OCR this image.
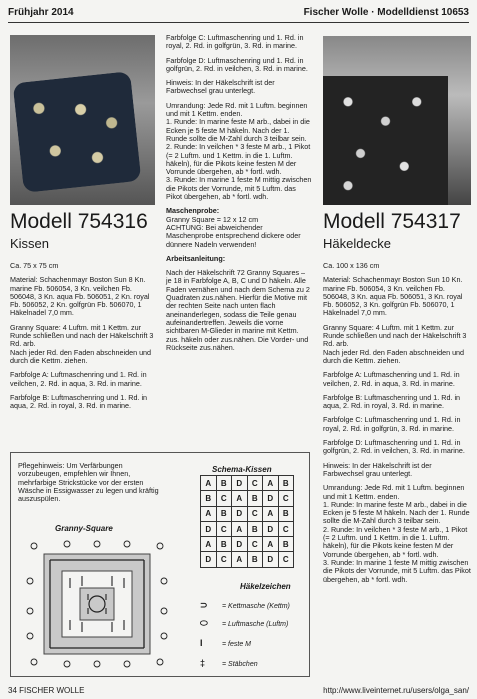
Frühjahr 2014	Fischer Wolle · Modelldienst 10653
Modell 754316
Kissen
Modell 754317
Häkeldecke

Ca. 75 x 75 cm

Material: Schachenmayr Boston Sun 8 Kn. marine Fb. 506054, 3 Kn. veilchen Fb. 506048, 3 Kn. aqua Fb. 506051, 2 Kn. royal Fb. 506052, 2 Kn. golfgrün Fb. 506070, 1 Häkelnadel 7,0 mm.

Granny Square: 4 Luftm. mit 1 Kettm. zur Runde schließen und nach der Häkelschrift 3 Rd. arb.

Nach jeder Rd. den Faden abschneiden und durch die Kettm. ziehen.

Farbfolge A: Luftmaschenring und 1. Rd. in veilchen, 2. Rd. in aqua, 3. Rd. in marine.

Farbfolge B: Luftmaschenring und 1. Rd. in aqua, 2. Rd. in royal, 3. Rd. in marine.

Farbfolge C: Luftmaschenring und 1. Rd. in royal, 2. Rd. in golfgrün, 3. Rd. in marine.

Farbfolge D: Luftmaschenring und 1. Rd. in golfgrün, 2. Rd. in veilchen, 3. Rd. in marine.

Hinweis: In der Häkelschrift ist der Farbwechsel grau unterlegt.

Umrandung: Jede Rd. mit 1 Luftm. beginnen und mit 1 Kettm. enden.

1. Runde: In marine feste M arb., dabei in die Ecken je 5 feste M häkeln. Nach der 1. Runde sollte die M-Zahl durch 3 teilbar sein.

2. Runde: In veilchen * 3 feste M arb., 1 Pikot (= 2 Luftm. und 1 Kettm. in die 1. Luftm. häkeln), für die Pikots keine festen M der Vorrunde übergehen, ab * fortl. wdh.

3. Runde: In marine 1 feste M mittig zwischen die Pikots der Vorrunde, mit 5 Luftm. das Pikot übergehen, ab * fortl. wdh.

Maschenprobe:

Granny Square = 12 x 12 cm

ACHTUNG: Bei abweichender Maschenprobe entsprechend dickere oder dünnere Nadeln verwenden!

Arbeitsanleitung:

Nach der Häkelschrift 72 Granny Squares – je 18 in Farbfolge A, B, C und D häkeln. Alle Faden vernähen und nach dem Schema zu 2 Quadraten zus.nähen. Hierfür die Motive mit der rechten Seite nach unten flach aneinanderlegen, sodass die Teile genau aufeinandertreffen. Jeweils die vorne sichtbaren M-Glieder in marine mit Kettm. zus. häkeln oder zus.nähen. Die Vorder- und Rückseite zus.nähen.

Ca. 100 x 136 cm

Material: Schachenmayr Boston Sun 10 Kn. marine Fb. 506054, 3 Kn. veilchen Fb. 506048, 3 Kn. aqua Fb. 506051, 3 Kn. royal Fb. 506052, 3 Kn. golfgrün Fb. 506070, 1 Häkelnadel 7,0 mm.

Granny Square: 4 Luftm. mit 1 Kettm. zur Runde schließen und nach der Häkelschrift 3 Rd. arb.

Nach jeder Rd. den Faden abschneiden und durch die Kettm. ziehen.

Farbfolge A: Luftmaschenring und 1. Rd. in veilchen, 2. Rd. in aqua, 3. Rd. in marine.

Farbfolge B: Luftmaschenring und 1. Rd. in aqua, 2. Rd. in royal, 3. Rd. in marine.

Farbfolge C: Luftmaschenring und 1. Rd. in royal, 2. Rd. in golfgrün, 3. Rd. in marine.

Farbfolge D: Luftmaschenring und 1. Rd. in golfgrün, 2. Rd. in veilchen, 3. Rd. in marine.

Hinweis: In der Häkelschrift ist der Farbwechsel grau unterlegt.

Umrandung: Jede Rd. mit 1 Luftm. beginnen und mit 1 Kettm. enden.

1. Runde: In marine feste M arb., dabei in die Ecken je 5 feste M häkeln. Nach der 1. Runde sollte die M-Zahl durch 3 teilbar sein.

2. Runde: In veilchen * 3 feste M arb., 1 Pikot (= 2 Luftm. und 1 Kettm. in die 1. Luftm. häkeln), für die Pikots keine festen M der Vorrunde übergehen, ab * fortl. wdh.

3. Runde: In marine 1 feste M mittig zwischen die Pikots der Vorrunde, mit 5 Luftm. das Pikot übergehen, ab * fortl. wdh.

Pflegehinweis: Um Verfärbungen vorzubeugen, empfehlen wir Ihnen, mehrfarbige Strickstücke vor der ersten Wäsche in Essigwasser zu legen und kräftig auszuspülen.
Granny-Square
Schema-Kissen
A	B	D	C	A	B
B	C	A	B	D	C
A	B	D	C	A	B
D	C	A	B	D	C
A	B	D	C	A	B
D	C	A	B	D	C
Häkelzeichen
⊃ = Kettmasche (Kettm)
⬭ = Luftmasche (Luftm)
I	= feste M
‡ = Stäbchen
34 FISCHER WOLLE	http://www.liveinternet.ru/users/olga_san/
